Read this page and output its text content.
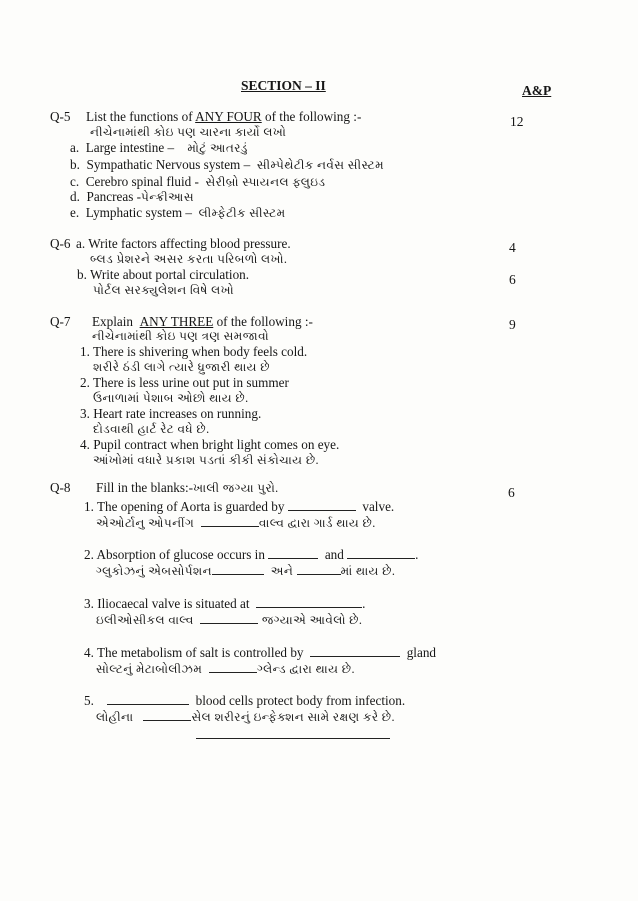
SECTION – II	A&P
Q-5 List the functions of ANY FOUR of the following :-	12
નીચેનામાંથી કોઇ પણ ચારના કાર્યો લખો
a. Large intestine – મોટું આતરડું
b. Sympathatic Nervous system – સીમ્પેથેટીક નર્વસ સીસ્ટમ
c. Cerebro spinal fluid - સેરીબ્રો સ્પાયનલ ફ્લુઇડ
d. Pancreas -પેન્ક્રીઆસ
e. Lymphatic system – લીમ્ફેટીક સીસ્ટમ
Q-6 a. Write factors affecting blood pressure.	4
બ્લડ પ્રેશરને અસર કરતા પરિબળો લખો.
b. Write about portal circulation.	6
પોર્ટલ સરક્યુલેશન વિષે લખો
Q-7 Explain  ANY THREE of the following :-	9
નીચેનામાંથી કોઇ પણ ત્રણ સમજાવો
1. There is shivering when body feels cold.
શરીરે ઠંડી લાગે ત્યારે ધ્રુજારી થાય છે
2. There is less urine out put in summer
ઉનાળામાં પેશાબ ઓછો થાય છે.
3. Heart rate increases on running.
દોડવાથી હાર્ટ રેટ વધે છે.
4. Pupil contract when bright light comes on eye.
આંખોમાં વધારે પ્રકાશ પડતાં કીકી સંકોચાય છે.
Q-8 Fill in the blanks:-ખાલી જગ્યા પુરો.	6
1. The opening of Aorta is guarded by	valve.
એઓર્ટાનુ ઓપનીંગ	વાલ્વ દ્વારા ગાર્ડ થાય છે.
2. Absorption of glucose occurs in	and	.
ગ્લુકોઝનું એબસોર્પશન	અને	માં થાય છે.
3. Iliocaecal valve is situated at	.
ઇલીઓસીકલ વાલ્વ	જગ્યાએ આવેલો છે.
4. The metabolism of salt is controlled by	gland
સોલ્ટનું મેટાબોલીઝમ	ગ્લેન્ડ દ્વારા થાય છે.
5.	blood cells protect body from infection.
લોહીના	સેલ શરીરનું ઇન્ફેક્શન સામે રક્ષણ કરે છે.
